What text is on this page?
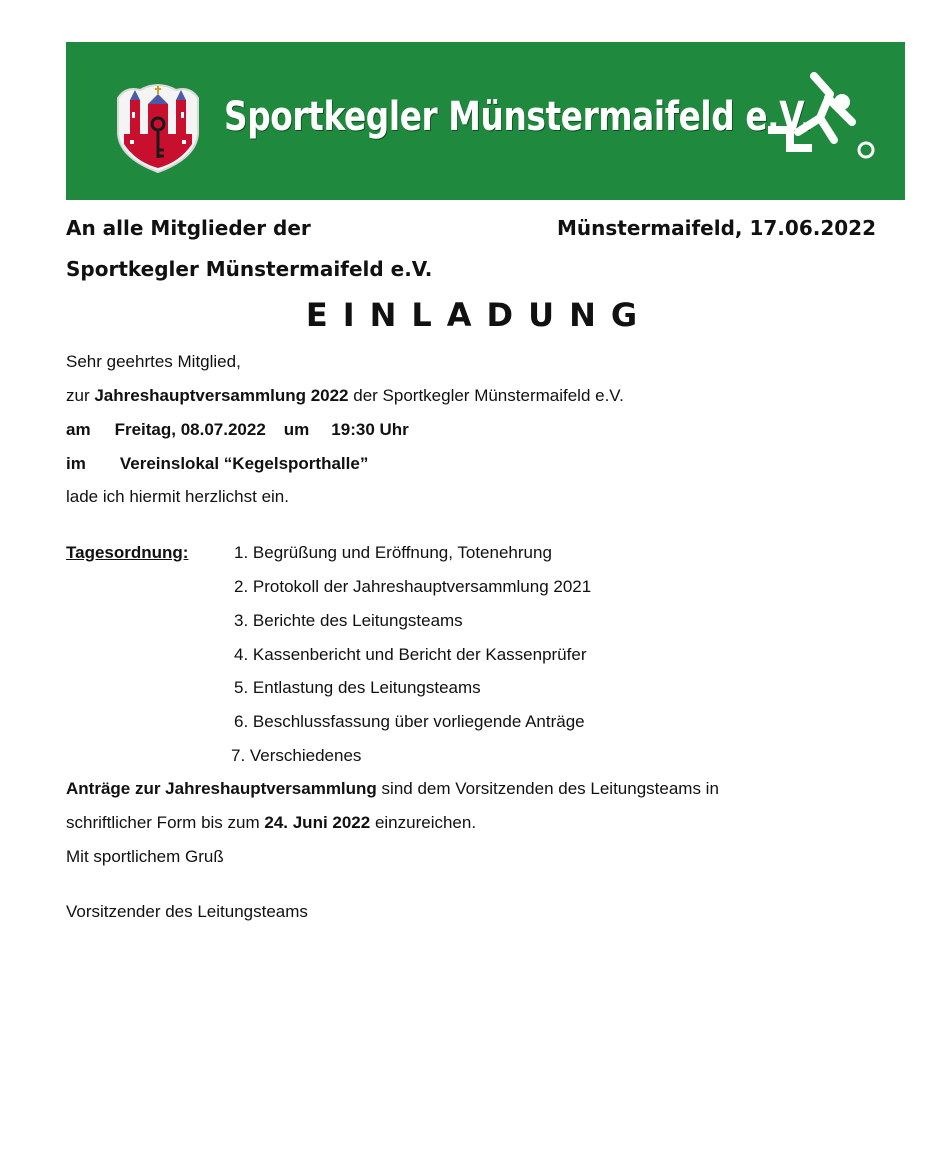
Sportkegler Münstermaifeld e.V.
An alle Mitglieder der
Sportkegler Münstermaifeld e.V.
Münstermaifeld, 17.06.2022
EINLADUNG
Sehr geehrtes Mitglied,
zur Jahreshauptversammlung 2022 der Sportkegler Münstermaifeld e.V.
am Freitag, 08.07.2022 um 19:30 Uhr
im Vereinslokal “Kegelsporthalle”
lade ich hiermit herzlichst ein.
Tagesordnung:	1. Begrüßung und Eröffnung, Totenehrung
2. Protokoll der Jahreshauptversammlung 2021
3. Berichte des Leitungsteams
4. Kassenbericht und Bericht der Kassenprüfer
5. Entlastung des Leitungsteams
6. Beschlussfassung über vorliegende Anträge
7. Verschiedenes
Anträge zur Jahreshauptversammlung sind dem Vorsitzenden des Leitungsteams in
schriftlicher Form bis zum 24. Juni 2022 einzureichen.
Mit sportlichem Gruß
Vorsitzender des Leitungsteams
